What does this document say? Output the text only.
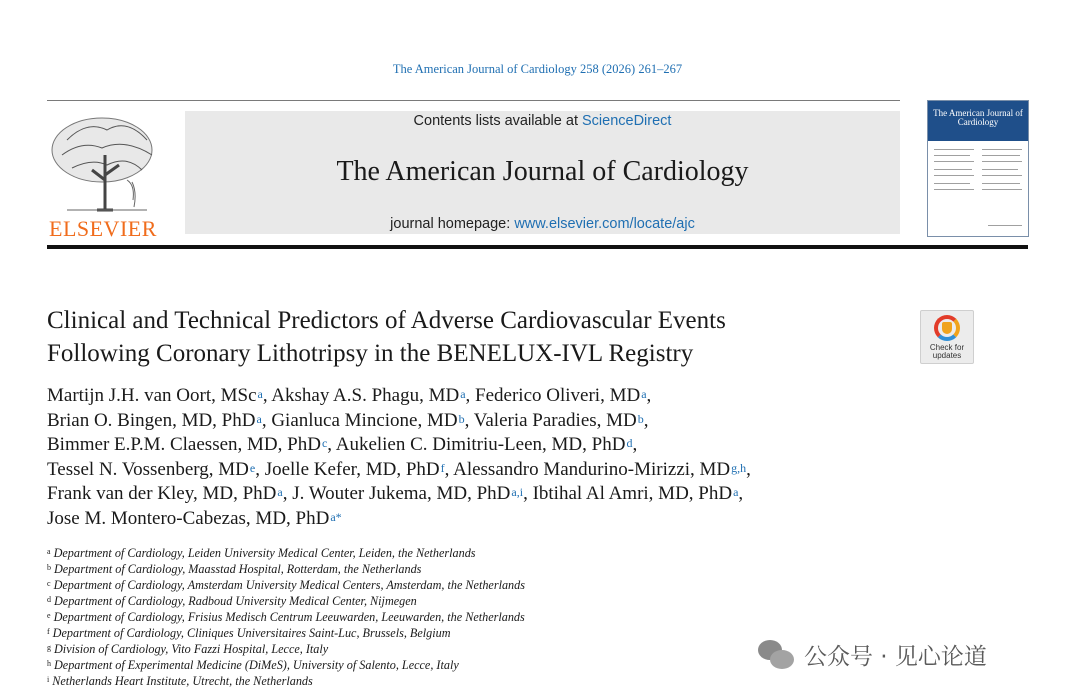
The American Journal of Cardiology 258 (2026) 261–267
ELSEVIER
Contents lists available at ScienceDirect
The American Journal of Cardiology
journal homepage: www.elsevier.com/locate/ajc
The American Journal of Cardiology
Clinical and Technical Predictors of Adverse Cardiovascular Events
Following Coronary Lithotripsy in the BENELUX-IVL Registry	Check for
updates
Martijn J.H. van Oort, MSc$^a$, Akshay A.S. Phagu, $MD^a$, Federico Oliveri, $MD^a$,
Brian O. Bingen, MD, PhD$^a$, Gianluca Mincione, $MD^b$, Valeria Paradies, $MD^b$,
Bimmer E.P.M. Claessen, MD, PhD$^c$, Aukelien C. Dimitriu-Leen, MD, PhD$^d$,
Tessel N. Vossenberg, MDe, Joelle Kefer, MD, PhD$^f$, Alessandro Mandurino-Mirizzi, MD$^{g,h}$,
Frank van der Kley, MD, PhD$^a$, J. Wouter Jukema, MD, PhD$^{a,i}$, Ibtihal Al Amri, MD, PhD$^a$,
Jose M. Montero-Cabezas, MD, PhD$^{a*}$
$^a$ Department of Cardiology, Leiden University Medical Center, Leiden, the Netherlands
$^b$ Department of Cardiology, Maasstad Hospital, Rotterdam, the Netherlands
$^c$ Department of Cardiology, Amsterdam University Medical Centers, Amsterdam, the Netherlands
$^d$ Department of Cardiology, Radboud University Medical Center, Nijmegen
$^e$ Department of Cardiology, Frisius Medisch Centrum Leeuwarden, Leeuwarden, the Netherlands
$^f$ Department of Cardiology, Cliniques Universitaires Saint-Luc, Brussels, Belgium
$^g$ Division of Cardiology, Vito Fazzi Hospital, Lecce, Italy
$^h$ Department of Experimental Medicine (DiMeS), University of Salento, Lecce, Italy
$^i$ Netherlands Heart Institute, Utrecht, the Netherlands
公众号 · 见心论道
